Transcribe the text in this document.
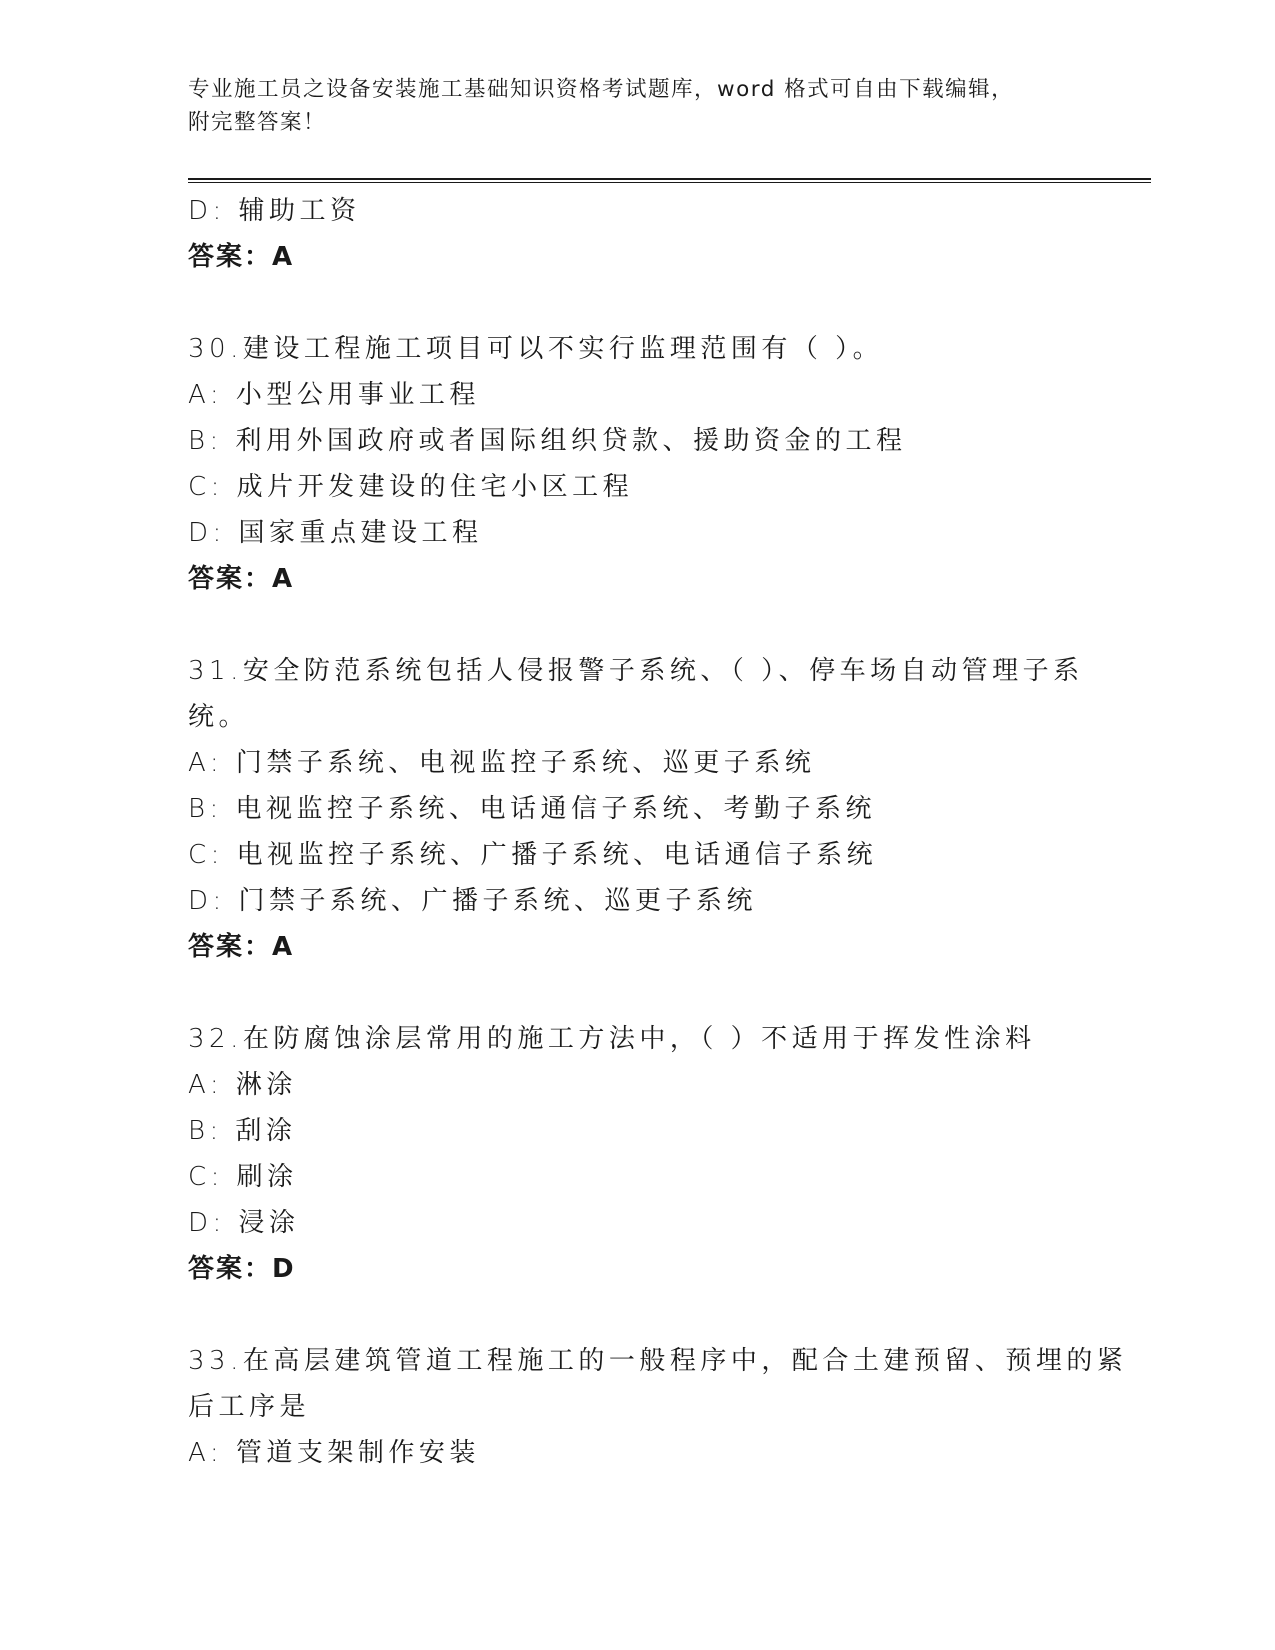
专业施工员之设备安装施工基础知识资格考试题库，word 格式可自由下载编辑，
附完整答案！
D: 辅助工资
答案：A
30.建设工程施工项目可以不实行监理范围有（ ）。
A: 小型公用事业工程
B: 利用外国政府或者国际组织贷款、援助资金的工程
C: 成片开发建设的住宅小区工程
D: 国家重点建设工程
答案：A
31.安全防范系统包括人侵报警子系统、（ ）、停车场自动管理子系
统。
A: 门禁子系统、电视监控子系统、巡更子系统
B: 电视监控子系统、电话通信子系统、考勤子系统
C: 电视监控子系统、广播子系统、电话通信子系统
D: 门禁子系统、广播子系统、巡更子系统
答案：A
32.在防腐蚀涂层常用的施工方法中，（ ）不适用于挥发性涂料
A: 淋涂
B: 刮涂
C: 刷涂
D: 浸涂
答案：D
33.在高层建筑管道工程施工的一般程序中，配合土建预留、预埋的紧
后工序是
A: 管道支架制作安装
